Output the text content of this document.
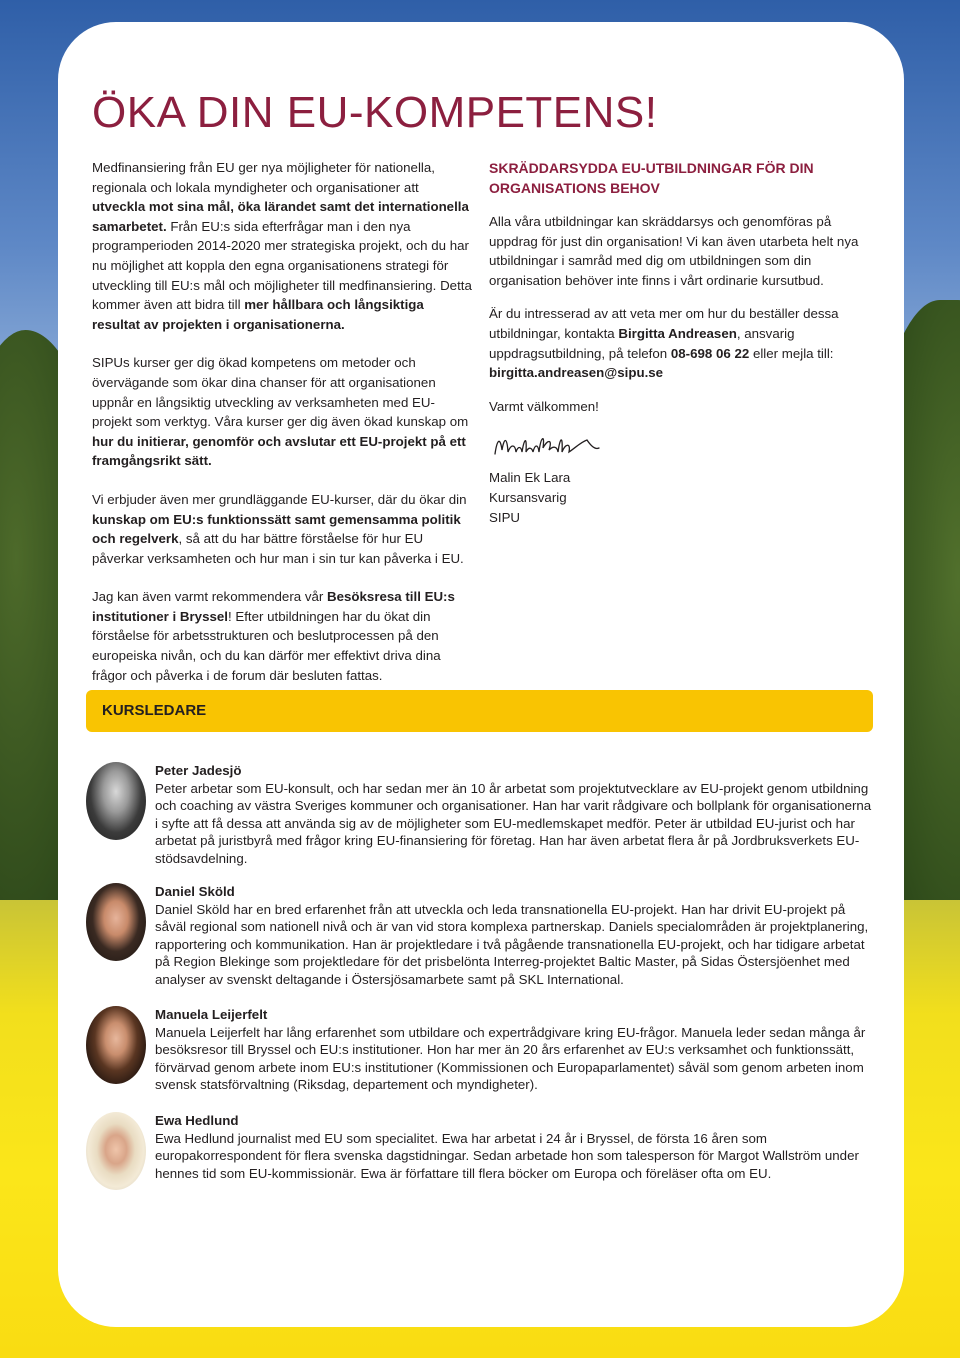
ÖKA DIN EU-KOMPETENS!

Medfinansiering från EU ger nya möjligheter för nationella, regionala och lokala myndigheter och organisationer att utveckla mot sina mål, öka lärandet samt det internationella samarbetet. Från EU:s sida efterfrågar man i den nya programperioden 2014-2020 mer strategiska projekt, och du har nu möjlighet att koppla den egna organisationens strategi för utveckling till EU:s mål och möjligheter till medfinansiering. Detta kommer även att bidra till mer hållbara och långsiktiga resultat av projekten i organisationerna.

SIPUs kurser ger dig ökad kompetens om metoder och övervägande som ökar dina chanser för att organisationen uppnår en långsiktig utveckling av verksamheten med EU-projekt som verktyg. Våra kurser ger dig även ökad kunskap om hur du initierar, genomför och avslutar ett EU-projekt på ett framgångsrikt sätt.

Vi erbjuder även mer grundläggande EU-kurser, där du ökar din kunskap om EU:s funktionssätt samt gemensamma politik och regelverk, så att du har bättre förståelse för hur EU påverkar verksamheten och hur man i sin tur kan påverka i EU.

Jag kan även varmt rekommendera vår Besöksresa till EU:s institutioner i Bryssel! Efter utbildningen har du ökat din förståelse för arbetsstrukturen och beslutprocessen på den europeiska nivån, och du kan därför mer effektivt driva dina frågor och påverka i de forum där besluten fattas.

SKRÄDDARSYDDA EU-UTBILDNINGAR FÖR DIN ORGANISATIONS BEHOV

Alla våra utbildningar kan skräddarsys och genomföras på uppdrag för just din organisation! Vi kan även utarbeta helt nya utbildningar i samråd med dig om utbildningen som din organisation behöver inte finns i vårt ordinarie kursutbud.

Är du intresserad av att veta mer om hur du beställer dessa utbildningar, kontakta Birgitta Andreasen, ansvarig uppdragsutbildning, på telefon 08-698 06 22 eller mejla till: birgitta.andreasen@sipu.se

Varmt välkommen!

Malin Ek Lara

Kursansvarig

SIPU

KURSLEDARE
Peter Jadesjö
Peter arbetar som EU-konsult, och har sedan mer än 10 år arbetat som projektutvecklare av EU-projekt genom utbildning och coaching av västra Sveriges kommuner och organisationer. Han har varit rådgivare och bollplank för organisationerna i syfte att få dessa att använda sig av de möjligheter som EU-medlemskapet medför. Peter är utbildad EU-jurist och har arbetat på juristbyrå med frågor kring EU-finansiering för företag. Han har även arbetat flera år på Jordbruksverkets EU-stödsavdelning.
Daniel Sköld
Daniel Sköld har en bred erfarenhet från att utveckla och leda transnationella EU-projekt. Han har drivit EU-projekt på såväl regional som nationell nivå och är van vid stora komplexa partnerskap. Daniels specialområden är projektplanering, rapportering och kommunikation. Han är projektledare i två pågående transnationella EU-projekt, och har tidigare arbetat på Region Blekinge som projektledare för det prisbelönta Interreg-projektet Baltic Master, på Sidas Östersjöenhet med analyser av svenskt deltagande i Östersjösamarbete samt på SKL International.
Manuela Leijerfelt
Manuela Leijerfelt har lång erfarenhet som utbildare och expertrådgivare kring EU-frågor. Manuela leder sedan många år besöksresor till Bryssel och EU:s institutioner. Hon har mer än 20 års erfarenhet av EU:s verksamhet och funktionssätt, förvärvad genom arbete inom EU:s institutioner (Kommissionen och Europaparlamentet) såväl som genom arbeten inom svensk statsförvaltning (Riksdag, departement och myndigheter).
Ewa Hedlund
Ewa Hedlund journalist med EU som specialitet. Ewa har arbetat i 24 år i Bryssel, de första 16 åren som europakorrespondent för flera svenska dagstidningar. Sedan arbetade hon som talesperson för Margot Wallström under hennes tid som EU-kommissionär. Ewa är författare till flera böcker om Europa och föreläser ofta om EU.
